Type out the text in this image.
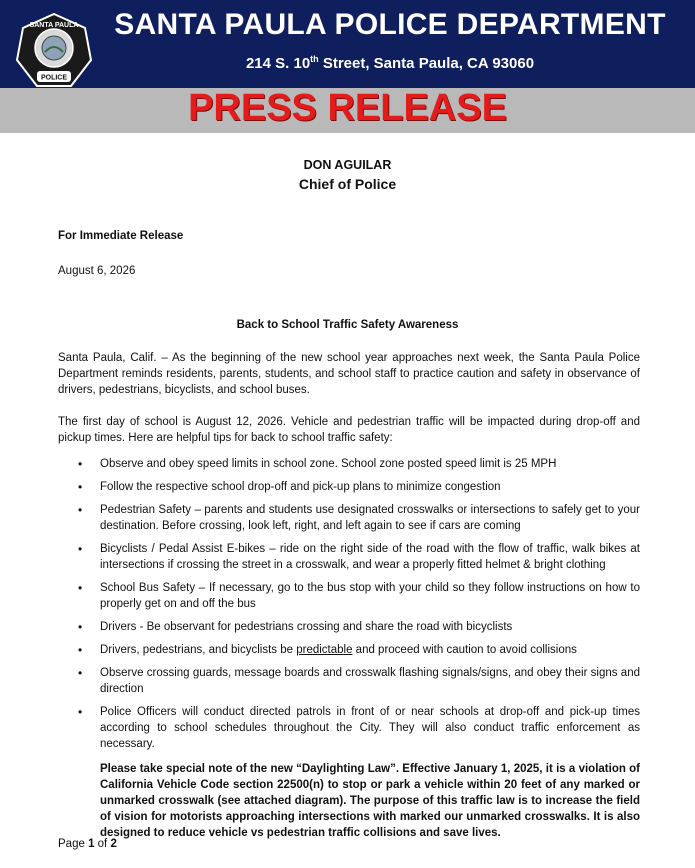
SANTA PAULA
POLICE
SANTA PAULA POLICE DEPARTMENT
214 S. 10th Street, Santa Paula, CA 93060
PRESS RELEASE
DON AGUILAR
Chief of Police
For Immediate Release
August 6, 2026
Back to School Traffic Safety Awareness
Santa Paula, Calif. – As the beginning of the new school year approaches next week, the Santa Paula Police Department reminds residents, parents, students, and school staff to practice caution and safety in observance of drivers, pedestrians, bicyclists, and school buses.
The first day of school is August 12, 2026. Vehicle and pedestrian traffic will be impacted during drop-off and pickup times. Here are helpful tips for back to school traffic safety:
• Observe and obey speed limits in school zone. School zone posted speed limit is 25 MPH
• Follow the respective school drop-off and pick-up plans to minimize congestion
• Pedestrian Safety – parents and students use designated crosswalks or intersections to safely get to your destination. Before crossing, look left, right, and left again to see if cars are coming
• Bicyclists / Pedal Assist E-bikes – ride on the right side of the road with the flow of traffic, walk bikes at intersections if crossing the street in a crosswalk, and wear a properly fitted helmet & bright clothing
• School Bus Safety – If necessary, go to the bus stop with your child so they follow instructions on how to properly get on and off the bus
• Drivers - Be observant for pedestrians crossing and share the road with bicyclists
• Drivers, pedestrians, and bicyclists be predictable and proceed with caution to avoid collisions
• Observe crossing guards, message boards and crosswalk flashing signals/signs, and obey their signs and direction
• Police Officers will conduct directed patrols in front of or near schools at drop-off and pick-up times according to school schedules throughout the City. They will also conduct traffic enforcement as necessary.
Please take special note of the new “Daylighting Law”. Effective January 1, 2025, it is a violation of California Vehicle Code section 22500(n) to stop or park a vehicle within 20 feet of any marked or unmarked crosswalk (see attached diagram). The purpose of this traffic law is to increase the field of vision for motorists approaching intersections with marked our unmarked crosswalks. It is also designed to reduce vehicle vs pedestrian traffic collisions and save lives.
Page 1 of 2
